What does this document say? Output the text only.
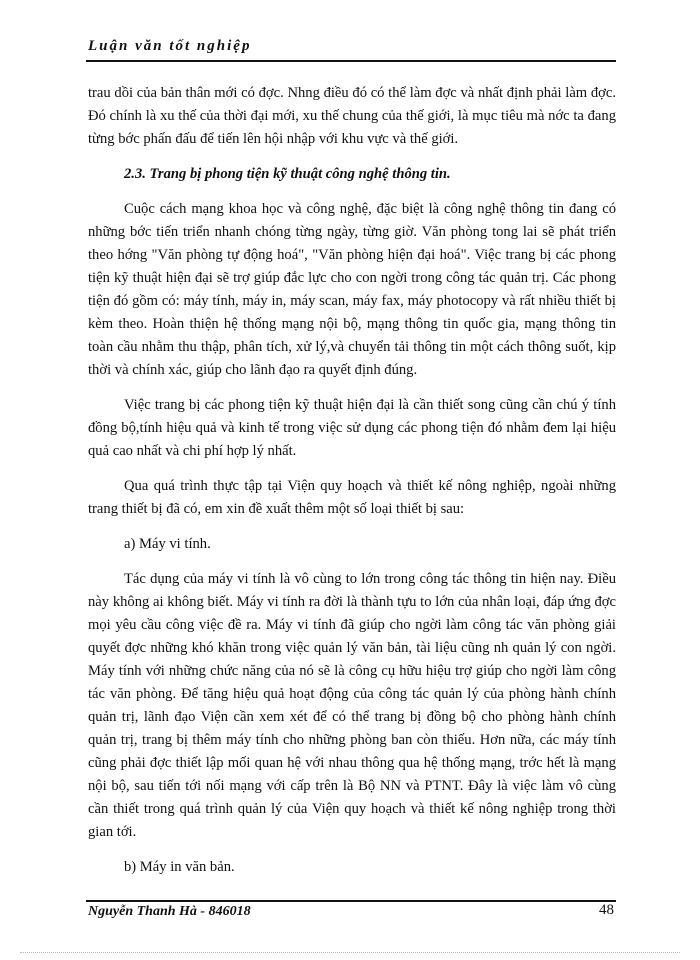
Luận văn tốt nghiệp

trau dồi của bản thân mới có đợc. Nhng điều đó có thể làm đợc và nhất định phải làm đợc. Đó chính là xu thế của thời đại mới, xu thế chung của thế giới, là mục tiêu mà nớc ta đang từng bớc phấn đấu để tiến lên hội nhập với khu vực và thế giới.

2.3. Trang bị phong tiện kỹ thuật công nghệ thông tin.

Cuộc cách mạng khoa học và công nghệ, đặc biệt là công nghệ thông tin đang có những bớc tiến triển nhanh chóng từng ngày, từng giờ. Văn phòng tong lai sẽ phát triển theo hớng "Văn phòng tự động hoá", "Văn phòng hiện đại hoá". Việc trang bị các phong tiện kỹ thuật hiện đại sẽ trợ giúp đắc lực cho con ngời trong công tác quản trị. Các phong tiện đó gồm có: máy tính, máy in, máy scan, máy fax, máy photocopy và rất nhiều thiết bị kèm theo. Hoàn thiện hệ thống mạng nội bộ, mạng thông tin quốc gia, mạng thông tin toàn cầu nhằm thu thập, phân tích, xử lý,và chuyển tải thông tin một cách thông suốt, kịp thời và chính xác, giúp cho lãnh đạo ra quyết định đúng.

Việc trang bị các phong tiện kỹ thuật hiện đại là cần thiết song cũng cần chú ý tính đồng bộ,tính hiệu quả và kinh tế trong việc sử dụng các phong tiện đó nhằm đem lại hiệu quả cao nhất và chi phí hợp lý nhất.

Qua quá trình thực tập tại Viện quy hoạch và thiết kế nông nghiệp, ngoài những trang thiết bị đã có, em xin đề xuất thêm một số loại thiết bị sau:

a) Máy vi tính.

Tác dụng của máy vi tính là vô cùng to lớn trong công tác thông tin hiện nay. Điều này không ai không biết. Máy vi tính ra đời là thành tựu to lớn của nhân loại, đáp ứng đợc mọi yêu cầu công việc đề ra. Máy vi tính đã giúp cho ngời làm công tác văn phòng giải quyết đợc những khó khăn trong việc quản lý văn bản, tài liệu cũng nh quản lý con ngời. Máy tính với những chức năng của nó sẽ là công cụ hữu hiệu trợ giúp cho ngời làm công tác văn phòng. Để tăng hiệu quả hoạt động của công tác quản lý của phòng hành chính quản trị, lãnh đạo Viện cần xem xét để có thể trang bị đồng bộ cho phòng hành chính quản trị, trang bị thêm máy tính cho những phòng ban còn thiếu. Hơn nữa, các máy tính cũng phải đợc thiết lập mối quan hệ với nhau thông qua hệ thống mạng, trớc hết là mạng nội bộ, sau tiến tới nối mạng với cấp trên là Bộ NN và PTNT. Đây là việc làm vô cùng cần thiết trong quá trình quản lý của Viện quy hoạch và thiết kế nông nghiệp trong thời gian tới.

b) Máy in văn bản.

Nguyễn Thanh Hà - 846018	48
